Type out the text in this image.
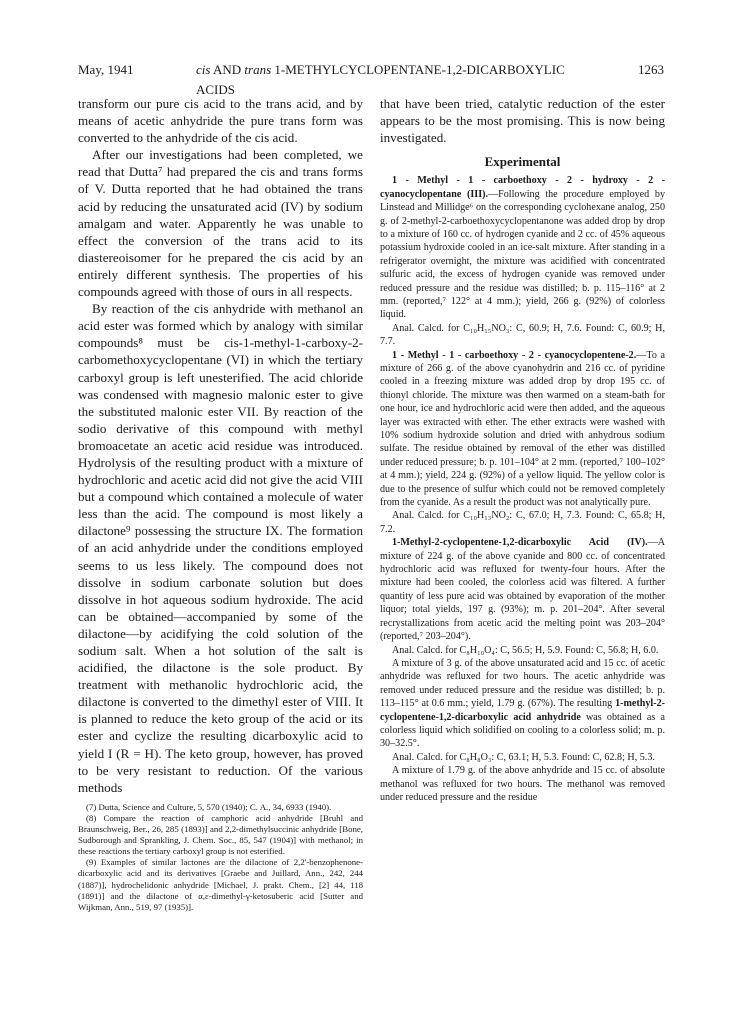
May, 1941	cis AND trans 1-METHYLCYCLOPENTANE-1,2-DICARBOXYLIC ACIDS
1263

transform our pure cis acid to the trans acid, and by means of acetic anhydride the pure trans form was converted to the anhydride of the cis acid.

After our investigations had been completed, we read that Dutta⁷ had prepared the cis and trans forms of V. Dutta reported that he had obtained the trans acid by reducing the unsaturated acid (IV) by sodium amalgam and water. Apparently he was unable to effect the conversion of the trans acid to its diastereoisomer for he prepared the cis acid by an entirely different synthesis. The properties of his compounds agreed with those of ours in all respects.

By reaction of the cis anhydride with methanol an acid ester was formed which by analogy with similar compounds⁸ must be cis-1-methyl-1-carboxy-2-carbomethoxycyclopentane (VI) in which the tertiary carboxyl group is left unesterified. The acid chloride was condensed with magnesio malonic ester to give the substituted malonic ester VII. By reaction of the sodio derivative of this compound with methyl bromoacetate an acetic acid residue was introduced. Hydrolysis of the resulting product with a mixture of hydrochloric and acetic acid did not give the acid VIII but a compound which contained a molecule of water less than the acid. The compound is most likely a dilactone⁹ possessing the structure IX. The formation of an acid anhydride under the conditions employed seems to us less likely. The compound does not dissolve in sodium carbonate solution but does dissolve in hot aqueous sodium hydroxide. The acid can be obtained—accompanied by some of the dilactone—by acidifying the cold solution of the sodium salt. When a hot solution of the salt is acidified, the dilactone is the sole product. By treatment with methanolic hydrochloric acid, the dilactone is converted to the dimethyl ester of VIII. It is planned to reduce the keto group of the acid or its ester and cyclize the resulting dicarboxylic acid to yield I (R = H). The keto group, however, has proved to be very resistant to reduction. Of the various methods

(7) Dutta, Science and Culture, 5, 570 (1940); C. A., 34, 6933 (1940).

(8) Compare the reaction of camphoric acid anhydride [Bruhl and Braunschweig, Ber., 26, 285 (1893)] and 2,2-dimethylsuccinic anhydride [Bone, Sudborough and Sprankling, J. Chem. Soc., 85, 547 (1904)] with methanol; in these reactions the tertiary carboxyl group is not esterified.

(9) Examples of similar lactones are the dilactone of 2,2'-benzophenone-dicarboxylic acid and its derivatives [Graebe and Juillard, Ann., 242, 244 (1887)], hydrochelidonic anhydride [Michael, J. prakt. Chem., [2] 44, 118 (1891)] and the dilactone of α,ε-dimethyl-γ-ketosuberic acid [Sutter and Wijkman, Ann., 519, 97 (1935)].

that have been tried, catalytic reduction of the ester appears to be the most promising. This is now being investigated.

Experimental

1 - Methyl - 1 - carboethoxy - 2 - hydroxy - 2 - cyanocyclopentane (III).—Following the procedure employed by Linstead and Millidge⁶ on the corresponding cyclohexane analog, 250 g. of 2-methyl-2-carboethoxycyclopentanone was added drop by drop to a mixture of 160 cc. of hydrogen cyanide and 2 cc. of 45% aqueous potassium hydroxide cooled in an ice-salt mixture. After standing in a refrigerator overnight, the mixture was acidified with concentrated sulfuric acid, the excess of hydrogen cyanide was removed under reduced pressure and the residue was distilled; b. p. 115–116° at 2 mm. (reported,⁷ 122° at 4 mm.); yield, 266 g. (92%) of colorless liquid.

Anal. Calcd. for C₁₀H₁₅NO₃: C, 60.9; H, 7.6. Found: C, 60.9; H, 7.7.

1 - Methyl - 1 - carboethoxy - 2 - cyanocyclopentene-2.—To a mixture of 266 g. of the above cyanohydrin and 216 cc. of pyridine cooled in a freezing mixture was added drop by drop 195 cc. of thionyl chloride. The mixture was then warmed on a steam-bath for one hour, ice and hydrochloric acid were then added, and the aqueous layer was extracted with ether. The ether extracts were washed with 10% sodium hydroxide solution and dried with anhydrous sodium sulfate. The residue obtained by removal of the ether was distilled under reduced pressure; b. p. 101–104° at 2 mm. (reported,⁷ 100–102° at 4 mm.); yield, 224 g. (92%) of a yellow liquid. The yellow color is due to the presence of sulfur which could not be removed completely from the cyanide. As a result the product was not analytically pure.

Anal. Calcd. for C₁₀H₁₃NO₂: C, 67.0; H, 7.3. Found: C, 65.8; H, 7.2.

1-Methyl-2-cyclopentene-1,2-dicarboxylic Acid (IV).—A mixture of 224 g. of the above cyanide and 800 cc. of concentrated hydrochloric acid was refluxed for twenty-four hours. After the mixture had been cooled, the colorless acid was filtered. A further quantity of less pure acid was obtained by evaporation of the mother liquor; total yields, 197 g. (93%); m. p. 201–204°. After several recrystallizations from acetic acid the melting point was 203–204° (reported,⁷ 203–204°).

Anal. Calcd. for C₈H₁₀O₄: C, 56.5; H, 5.9. Found: C, 56.8; H, 6.0.

A mixture of 3 g. of the above unsaturated acid and 15 cc. of acetic anhydride was refluxed for two hours. The acetic anhydride was removed under reduced pressure and the residue was distilled; b. p. 113–115° at 0.6 mm.; yield, 1.79 g. (67%). The resulting 1-methyl-2-cyclopentene-1,2-dicarboxylic acid anhydride was obtained as a colorless liquid which solidified on cooling to a colorless solid; m. p. 30–32.5°.

Anal. Calcd. for C₈H₈O₃: C, 63.1; H, 5.3. Found: C, 62.8; H, 5.3.

A mixture of 1.79 g. of the above anhydride and 15 cc. of absolute methanol was refluxed for two hours. The methanol was removed under reduced pressure and the residue
